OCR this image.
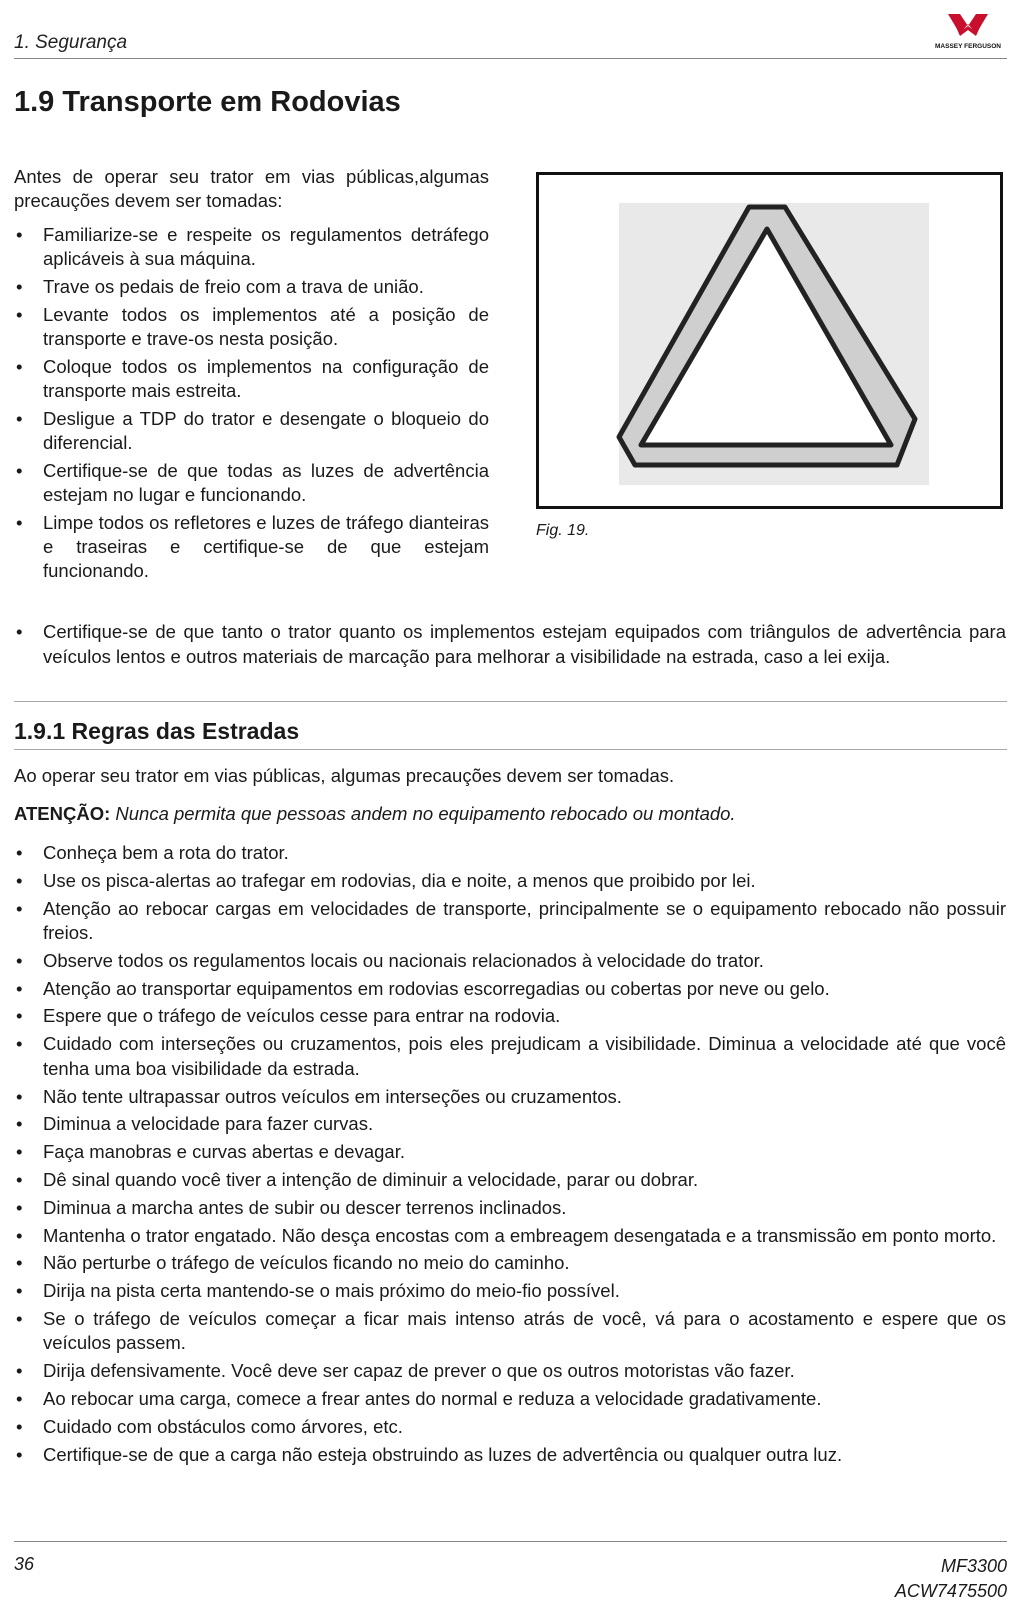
1. Segurança	MASSEY FERGUSON
1.9 Transporte em Rodovias

Antes de operar seu trator em vias públicas,algumas precauções devem ser tomadas:

• Familiarize-se e respeite os regulamentos detráfego aplicáveis à sua máquina.
• Trave os pedais de freio com a trava de união.
• Levante todos os implementos até a posição de transporte e trave-os nesta posição.
• Coloque todos os implementos na configuração de transporte mais estreita.
• Desligue a TDP do trator e desengate o bloqueio do diferencial.
• Certifique-se de que todas as luzes de advertência estejam no lugar e funcionando.
• Limpe todos os refletores e luzes de tráfego dianteiras e traseiras e certifique-se de que estejam funcionando.
Fig. 19.
• Certifique-se de que tanto o trator quanto os implementos estejam equipados com triângulos de advertência para veículos lentos e outros materiais de marcação para melhorar a visibilidade na estrada, caso a lei exija.
1.9.1 Regras das Estradas
Ao operar seu trator em vias públicas, algumas precauções devem ser tomadas.
ATENÇÃO: Nunca permita que pessoas andem no equipamento rebocado ou montado.
• Conheça bem a rota do trator.
• Use os pisca-alertas ao trafegar em rodovias, dia e noite, a menos que proibido por lei.
• Atenção ao rebocar cargas em velocidades de transporte, principalmente se o equipamento rebocado não possuir freios.
• Observe todos os regulamentos locais ou nacionais relacionados à velocidade do trator.
• Atenção ao transportar equipamentos em rodovias escorregadias ou cobertas por neve ou gelo.
• Espere que o tráfego de veículos cesse para entrar na rodovia.
• Cuidado com interseções ou cruzamentos, pois eles prejudicam a visibilidade. Diminua a velocidade até que você tenha uma boa visibilidade da estrada.
• Não tente ultrapassar outros veículos em interseções ou cruzamentos.
• Diminua a velocidade para fazer curvas.
• Faça manobras e curvas abertas e devagar.
• Dê sinal quando você tiver a intenção de diminuir a velocidade, parar ou dobrar.
• Diminua a marcha antes de subir ou descer terrenos inclinados.
• Mantenha o trator engatado. Não desça encostas com a embreagem desengatada e a transmissão em ponto morto.
• Não perturbe o tráfego de veículos ficando no meio do caminho.
• Dirija na pista certa mantendo-se o mais próximo do meio-fio possível.
• Se o tráfego de veículos começar a ficar mais intenso atrás de você, vá para o acostamento e espere que os veículos passem.
• Dirija defensivamente. Você deve ser capaz de prever o que os outros motoristas vão fazer.
• Ao rebocar uma carga, comece a frear antes do normal e reduza a velocidade gradativamente.
• Cuidado com obstáculos como árvores, etc.
• Certifique-se de que a carga não esteja obstruindo as luzes de advertência ou qualquer outra luz.
36	MF3300
ACW7475500
